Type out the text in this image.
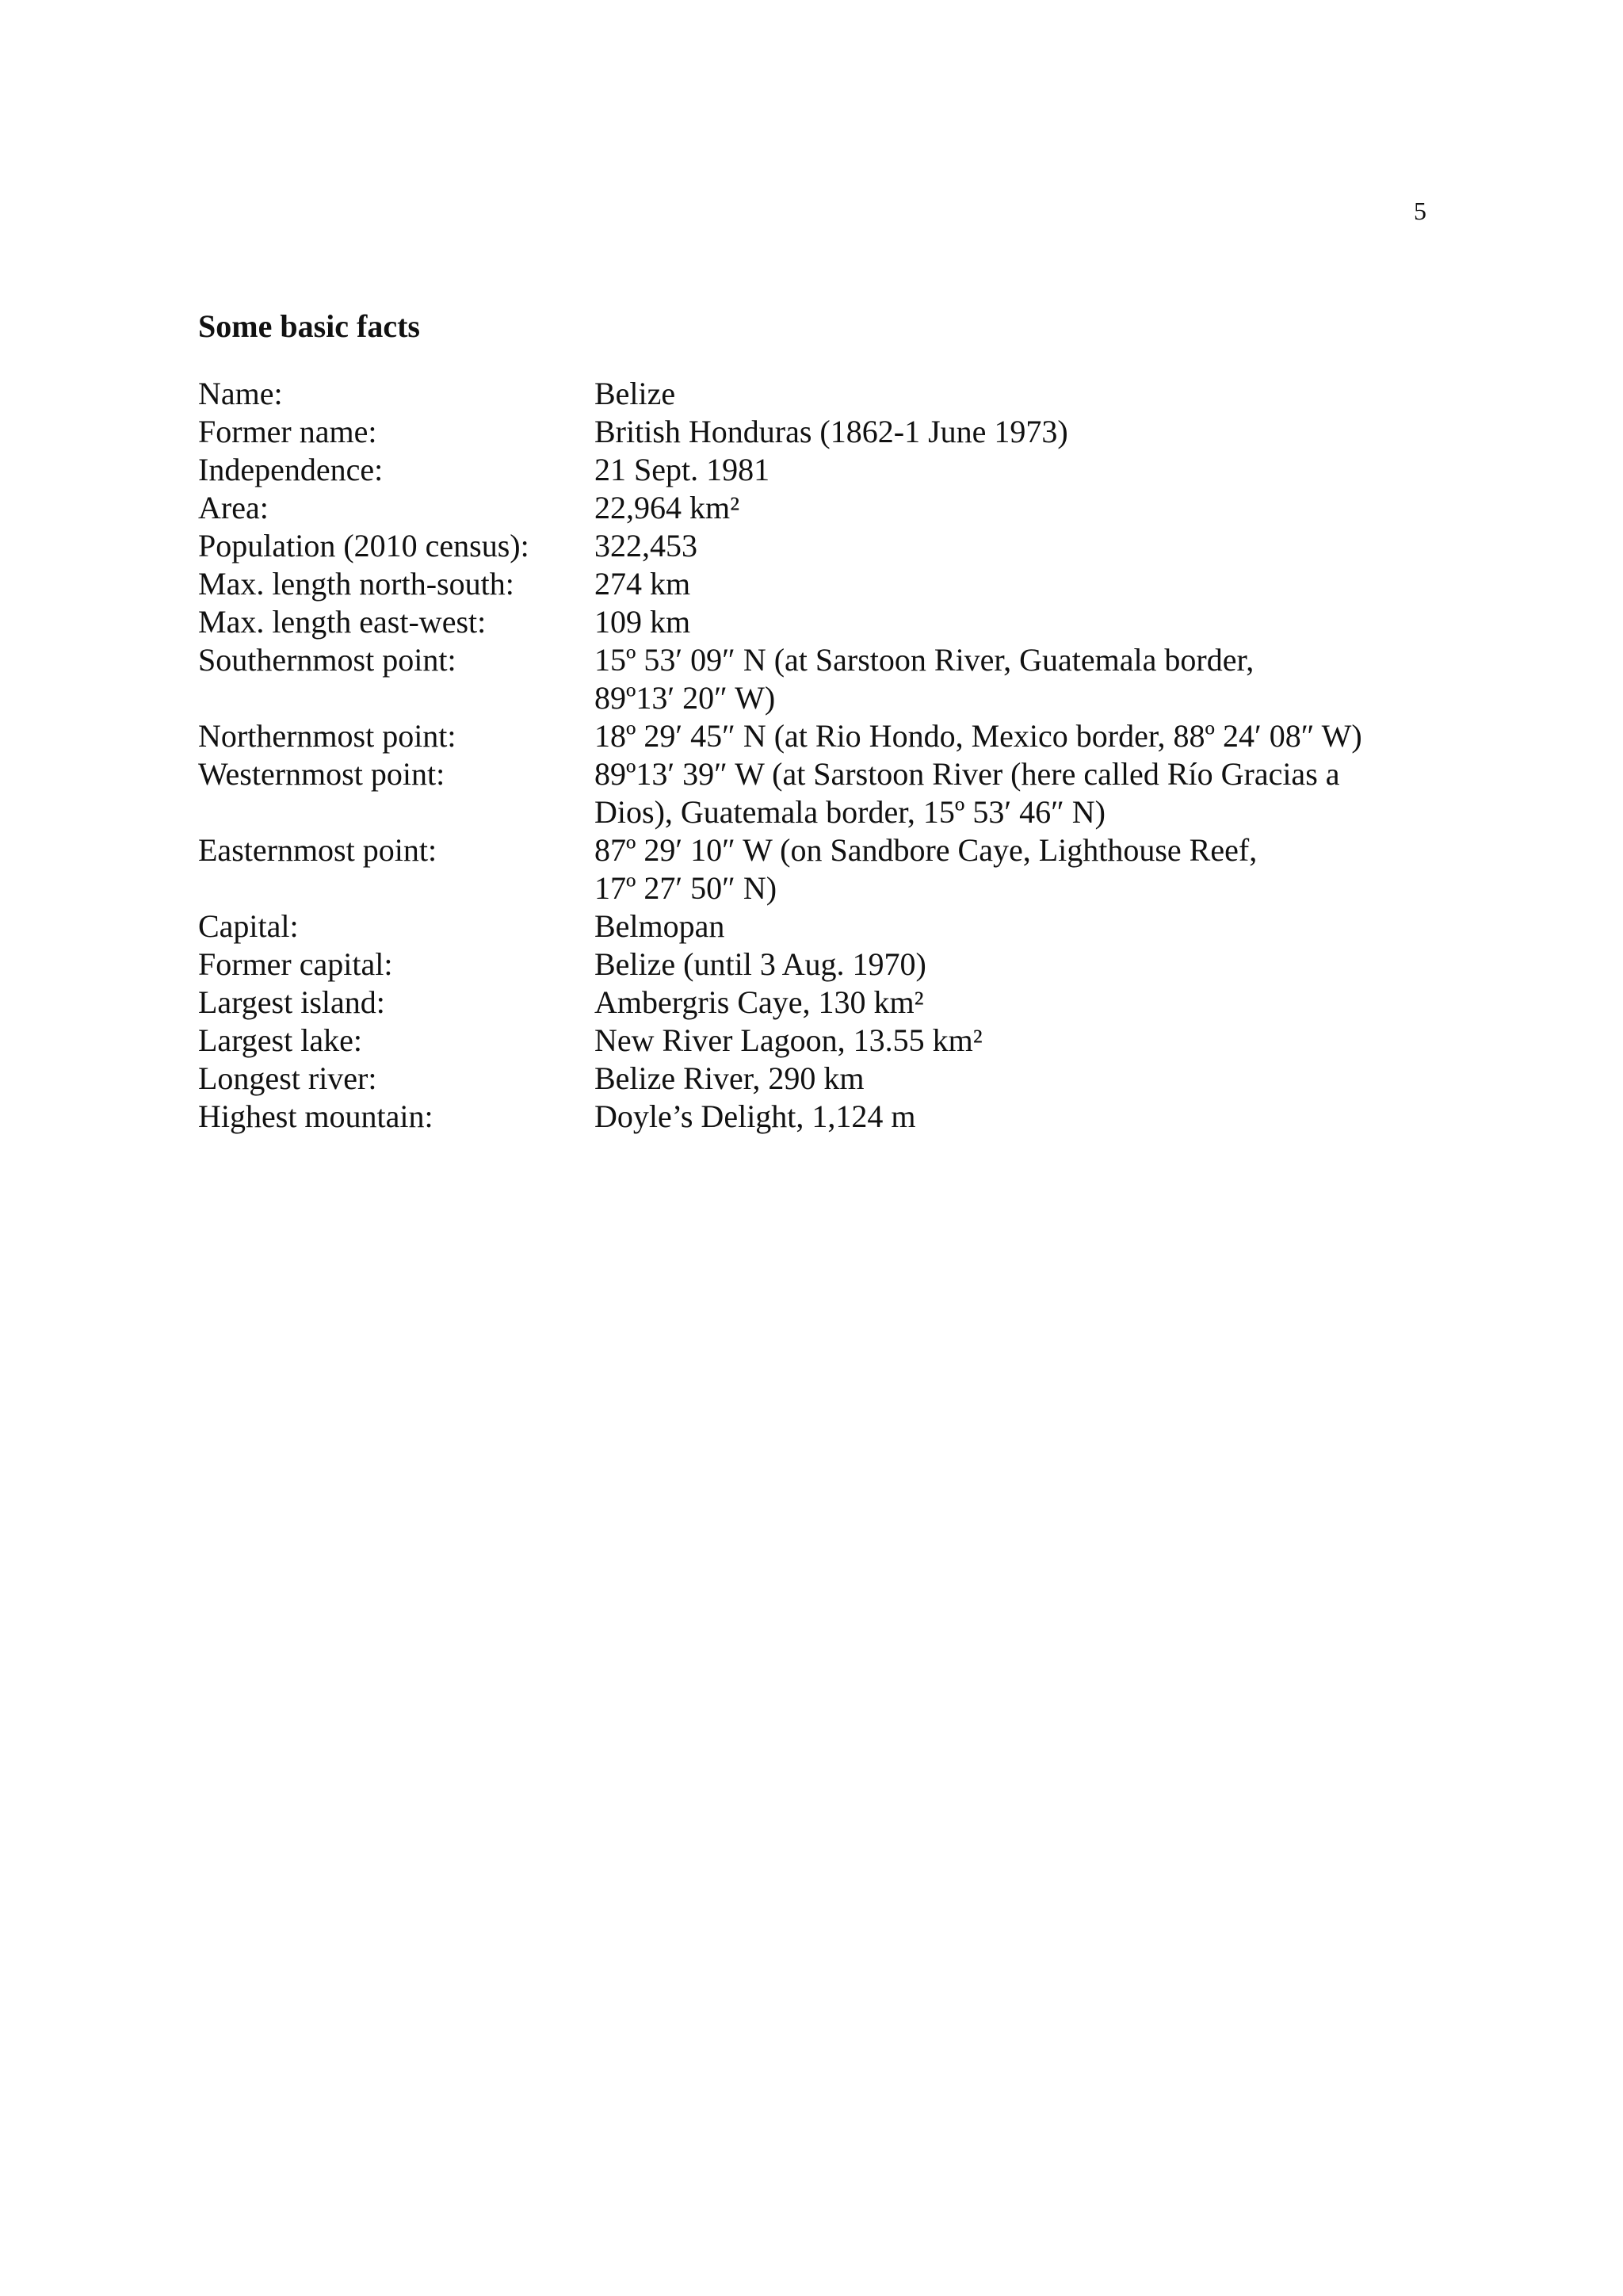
5
Some basic facts
Name:	Belize
Former name:	British Honduras (1862-1 June 1973)
Independence:	21 Sept. 1981
Area:	22,964 km²
Population (2010 census):	322,453
Max. length north-south:	274 km
Max. length east-west:	109 km
Southernmost point:	15º 53′ 09″ N (at Sarstoon River, Guatemala border,
89º13′ 20″ W)
Northernmost point:	18º 29′ 45″ N (at Rio Hondo, Mexico border, 88º 24′ 08″ W)
Westernmost point:	89º13′ 39″ W (at Sarstoon River (here called Río Gracias a
Dios), Guatemala border, 15º 53′ 46″ N)
Easternmost point:	87º 29′ 10″ W (on Sandbore Caye, Lighthouse Reef,
17º 27′ 50″ N)
Capital:	Belmopan
Former capital:	Belize (until 3 Aug. 1970)
Largest island:	Ambergris Caye, 130 km²
Largest lake:	New River Lagoon, 13.55 km²
Longest river:	Belize River, 290 km
Highest mountain:	Doyle’s Delight, 1,124 m
